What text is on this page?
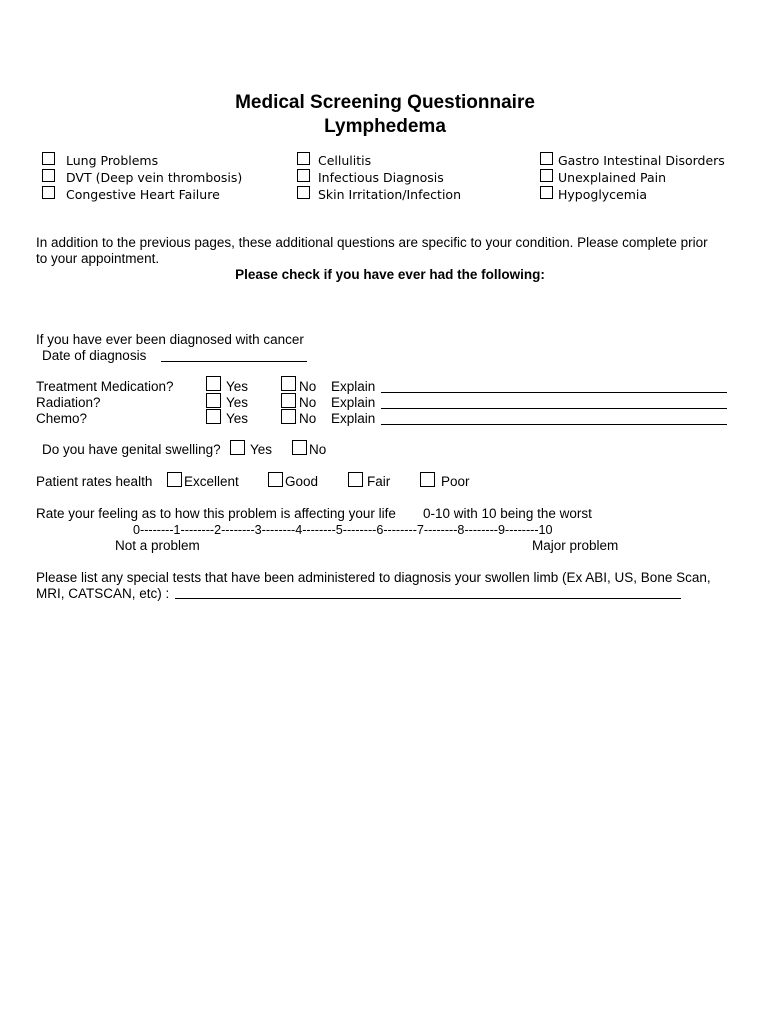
Medical Screening Questionnaire
Lymphedema
Lung Problems
DVT (Deep vein thrombosis)
Congestive Heart Failure
Cellulitis
Infectious Diagnosis
Skin Irritation/Infection
Gastro Intestinal Disorders
Unexplained Pain
Hypoglycemia
In addition to the previous pages, these additional questions are specific to your condition. Please complete prior
to your appointment.
Please check if you have ever had the following:
If you have ever been diagnosed with cancer
Date of diagnosis
Treatment Medication?	Yes	No Explain
Radiation?	Yes	No Explain
Chemo?	Yes	No Explain
Do you have genital swelling? Yes	No
Patient rates health Excellent	Good	Fair	Poor
Rate your feeling as to how this problem is affecting your life 0-10 with 10 being the worst
0--------1--------2--------3--------4--------5--------6--------7--------8--------9--------10
Not a problem	Major problem
Please list any special tests that have been administered to diagnosis your swollen limb (Ex ABI, US, Bone Scan,
MRI, CATSCAN, etc) :
